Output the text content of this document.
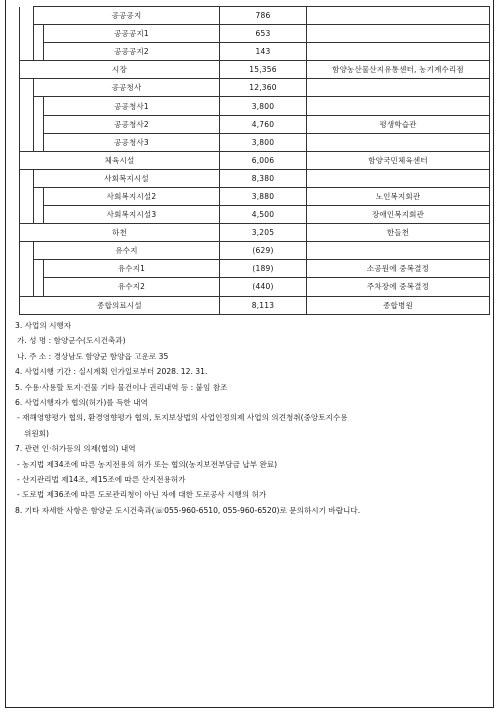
	공공공지		786	
		공공공지1	653	
		공공공지2	143	
시장			15,356	함양농산물산지유통센터, 농기계수리점
	공공청사		12,360	
		공공청사1	3,800	
		공공청사2	4,760	평생학습관
		공공청사3	3,800	
체육시설			6,006	함양국민체육센터
	사회복지시설		8,380	
		사회복지시설2	3,880	노인복지회관
		사회복지시설3	4,500	장애인복지회관
하천			3,205	한들천
	유수지		(629)	
		유수지1	(189)	소공원에 중복결정
		유수지2	(440)	주차장에 중복결정
종합의료시설			8,113	종합병원
3. 사업의 시행자
가. 성 명 : 함양군수(도시건축과)
나. 주 소 : 경상남도 함양군 함양읍 고운로 35
4. 사업시행 기간 : 실시계획 인가일로부터 2028. 12. 31.
5. 수용·사용할 토지·건물 기타 물건이나 권리내역 등 : 붙임 참조
6. 사업시행자가 협의(허가)를 득한 내역
- 재해영향평가 협의, 환경영향평가 협의, 토지보상법의 사업인정의제 사업의 의견청취(중앙토지수용
위원회)
7. 관련 인·허가등의 의제(협의) 내역
- 농지법 제34조에 따른 농지전용의 허가 또는 협의(농지보전부담금 납부 완료)
- 산지관리법 제14조, 제15조에 따른 산지전용허가
- 도로법 제36조에 따른 도로관리청이 아닌 자에 대한 도로공사 시행의 허가
8. 기타 자세한 사항은 함양군 도시건축과(☏055-960-6510, 055-960-6520)로 문의하시기 바랍니다.
